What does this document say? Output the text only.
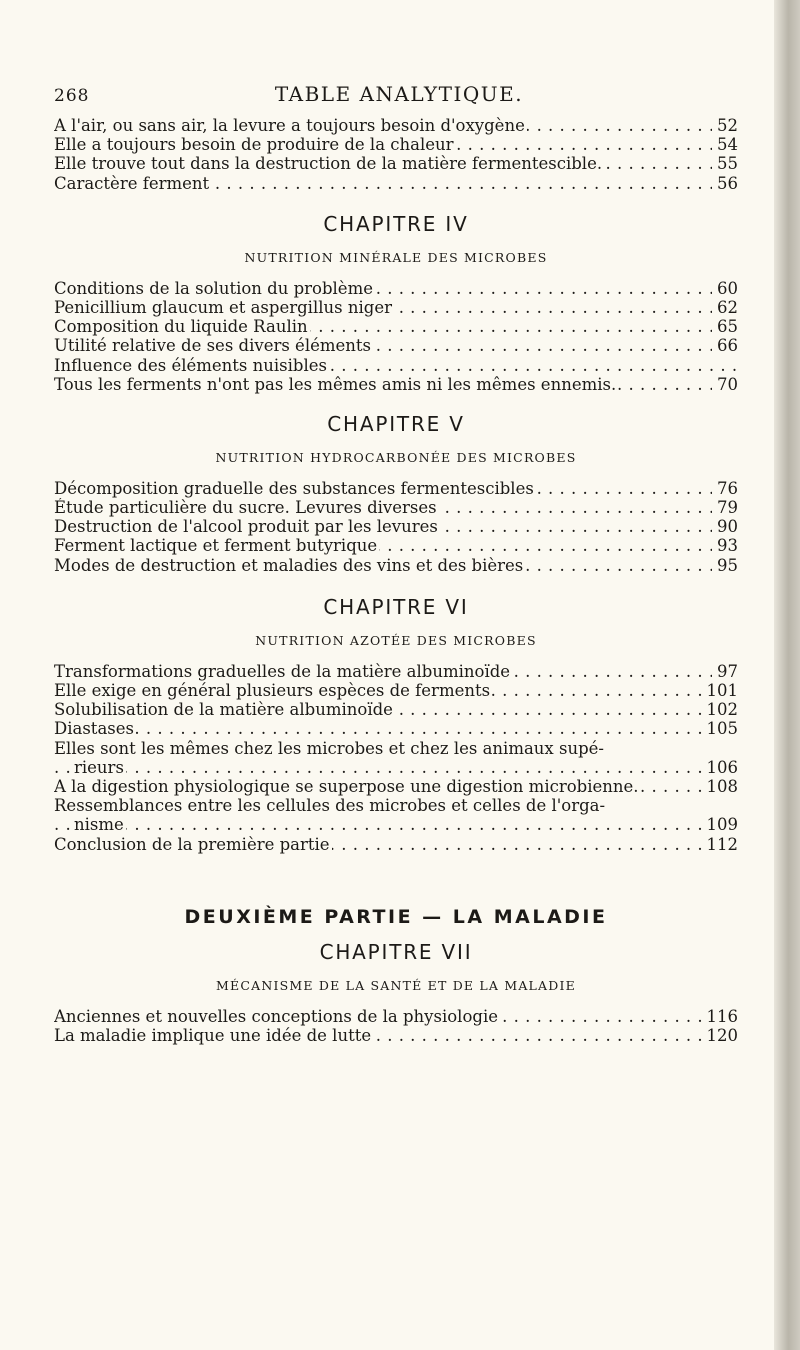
268	TABLE ANALYTIQUE.
. . . A l'air, ou sans air, la levure a toujours besoin d'oxygène	52
. . . Elle a toujours besoin de produire de la chaleur	54
. . . Elle trouve tout dans la destruction de la matière fermentescible.	55
. . . Caractère ferment	56
CHAPITRE IV
NUTRITION MINÉRALE DES MICROBES
. . . Conditions de la solution du problème	60
. . . Penicillium glaucum et aspergillus niger	62
. . . Composition du liquide Raulin	65
. . . Utilité relative de ses divers éléments	66
. . . Influence des éléments nuisibles
. . . Tous les ferments n'ont pas les mêmes amis ni les mêmes ennemis.	70
CHAPITRE V
NUTRITION HYDROCARBONÉE DES MICROBES
. . . Décomposition graduelle des substances fermentescibles	76
. . . Étude particulière du sucre. Levures diverses	79
. . . Destruction de l'alcool produit par les levures	90
. . . Ferment lactique et ferment butyrique	93
. . . Modes de destruction et maladies des vins et des bières	95
CHAPITRE VI
NUTRITION AZOTÉE DES MICROBES
. . . Transformations graduelles de la matière albuminoïde	97
. . . Elle exige en général plusieurs espèces de ferments	101
. . . Solubilisation de la matière albuminoïde	102
. . . Diastases	105
Elles sont les mêmes chez les microbes et chez les animaux supé-
. . . rieurs	106
. . . A la digestion physiologique se superpose une digestion microbienne.	108
Ressemblances entre les cellules des microbes et celles de l'orga-
. . . nisme	109
. . . Conclusion de la première partie	112
DEUXIÈME PARTIE — LA MALADIE
CHAPITRE VII
MÉCANISME DE LA SANTÉ ET DE LA MALADIE
. . . Anciennes et nouvelles conceptions de la physiologie	116
. . . La maladie implique une idée de lutte	120
